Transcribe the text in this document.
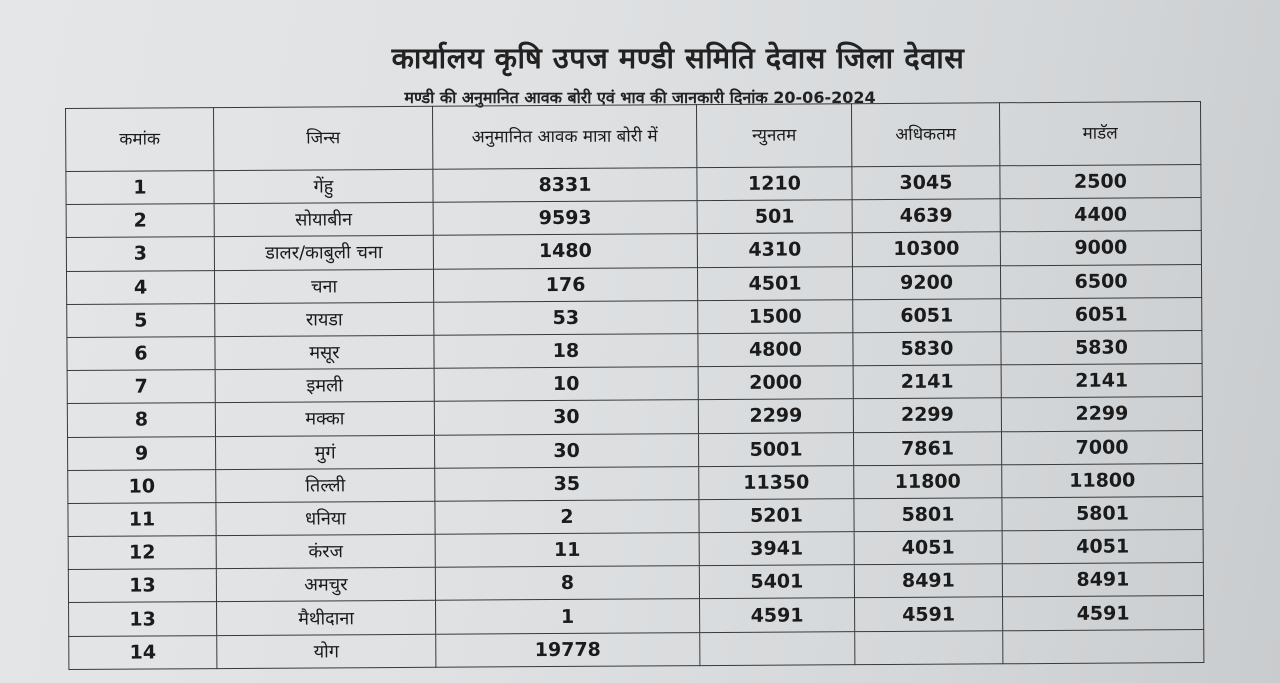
कार्यालय कृषि उपज मण्डी समिति देवास जिला देवास
मण्डी की अनुमानित आवक बोरी एवं भाव की जानकारी दिनांक 20-06-2024
कमांक	जिन्स	अनुमानित आवक मात्रा बोरी में	न्युनतम	अधिकतम	माडॅल
1	गेंहु	8331	1210	3045	2500
2	सोयाबीन	9593	501	4639	4400
3	डालर/काबुली चना	1480	4310	10300	9000
4	चना	176	4501	9200	6500
5	रायडा	53	1500	6051	6051
6	मसूर	18	4800	5830	5830
7	इमली	10	2000	2141	2141
8	मक्का	30	2299	2299	2299
9	मुगं	30	5001	7861	7000
10	तिल्ली	35	11350	11800	11800
11	धनिया	2	5201	5801	5801
12	कंरज	11	3941	4051	4051
13	अमचुर	8	5401	8491	8491
13	मैथीदाना	1	4591	4591	4591
14	योग	19778			
